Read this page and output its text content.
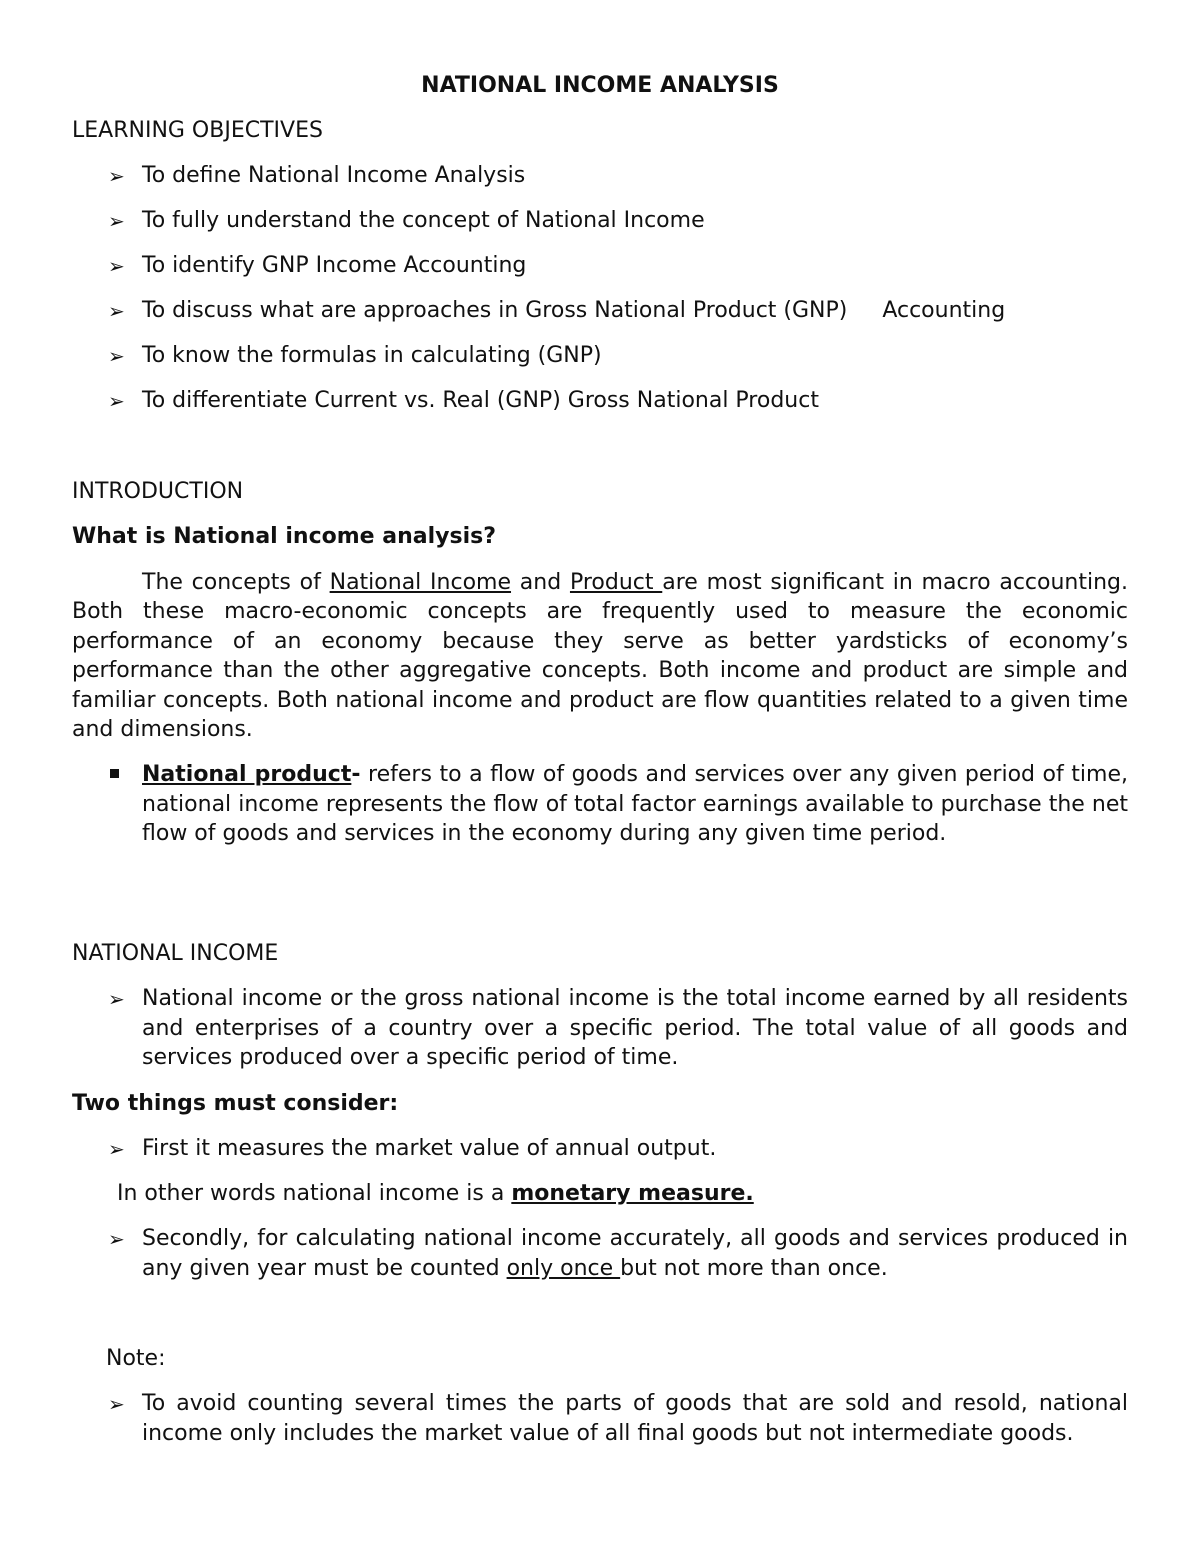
NATIONAL INCOME ANALYSIS
LEARNING OBJECTIVES
➢ To define National Income Analysis
➢ To fully understand the concept of National Income
➢ To identify GNP Income Accounting
➢ To discuss what are approaches in Gross National Product (GNP)     Accounting
➢ To know the formulas in calculating (GNP)
➢ To differentiate Current vs. Real (GNP) Gross National Product
INTRODUCTION
What is National income analysis?
The concepts of National Income and Product are most significant in macro accounting. Both these macro-economic concepts are frequently used to measure the economic performance of an economy because they serve as better yardsticks of economy’s performance than the other aggregative concepts. Both income and product are simple and familiar concepts. Both national income and product are flow quantities related to a given time and dimensions.
National product- refers to a flow of goods and services over any given period of time, national income represents the flow of total factor earnings available to purchase the net flow of goods and services in the economy during any given time period.
NATIONAL INCOME
➢ National income or the gross national income is the total income earned by all residents and enterprises of a country over a specific period. The total value of all goods and services produced over a specific period of time.
Two things must consider:
➢ First it measures the market value of annual output.
In other words national income is a monetary measure.
➢ Secondly, for calculating national income accurately, all goods and services produced in any given year must be counted only once but not more than once.
Note:
➢ To avoid counting several times the parts of goods that are sold and resold, national income only includes the market value of all final goods but not intermediate goods.
